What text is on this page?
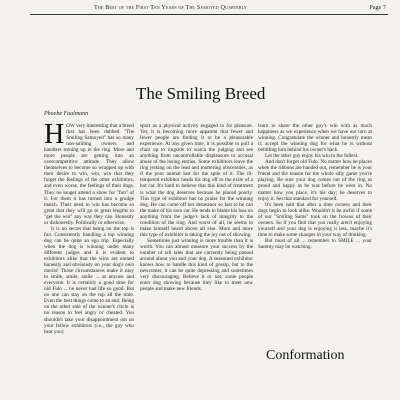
The Best of the First Ten Years of The Samoyed Quarterly	Page 7
The Smiling Breed
Phoebe Faulmann

HOW very interesting that a breed that has been dubbed "The Smiling Samoyed" has so many non-smiling owners and handlers turning up in the ring. More and more people are getting into an overcompetitive attitude. They allow themselves to become so wrapped up with their desire to win, win, win that they forget the feelings of the other exhibitors, and even worse, the feelings of their dogs. They no longer attend a show for "fun" of it. For them it has turned into a grudge match. Their need to win has become so great that they will go to great lengths to "get the win" any way they can. Honestly or dishonestly. Politically or otherwise.

It is no secret that being on the top is fun. Consistently handling a top winning dog can be quite an ego trip. Especially when the dog is winning under many different judges and it is evident to exhibitors alike that the wins are earned honestly and obviously on your dog's own merits! Those circumstances make it easy to smile, smile, smile ... at anyone and everyone. It is certainly a good time for old Fido ... he never had life so good. But no one can stay on the top all the time. Even the best things come to an end. Being on the other side of the winner's circle is no reason to feel angry or cheated. You shouldn't take your disappointment out on your fellow exhibitors (i.e., the guy who beat you)

sport as a physical activity engaged in for pleasure. Yet, it is becoming more apparent that fewer and fewer people are finding it to be a pleasurable experience. At any given time, it is possible to pull a chair up to ringside to watch the judging and see anything from uncontrollable displeasure to accusal abuse of the losing entries. Some exhibitors leave the ring jerking on the lead and muttering obscenities, as if the poor animal lost for the spite of it. The ill-tempered exhibitor heads his dog off to the exile of a hot car. It's hard to believe that this kind of treatment is what the dog deserves because he placed poorly. This type of exhibitor has no praise for the winning dog. He can come off her demeanor so fast to be can the make of his own car. He tends to blame his loss on anything from the judge's lack of integrity to the condition of the ring. And worst of all, he seems to make himself heard above all else. More and more this type of exhibitor is taking the joy out of showing.

Sometimes just winning is more trouble than it is worth. You can almost measure your success by the number of tall tales that are currently being passed around about you and your dog. A seasoned exhibitor knows how to handle this kind of gossip, but to the newcomer, it can be quite depressing and sometimes very discouraging. Believe it or not, some people enter dog showing because they like to meet new people and make new friends.

learn to share the other guy's win with as much happiness as we experience when we have our turn at winning. Congratulate the winner and honestly mean it; accept the winning dog for what he is without belittling him behind his owner's back.

Let the other guy enjoy his win to the fullest.

And don't forget old Fido. No matter how he places when the ribbons are handed out, remember he is your friend and the reason for the whole silly game you're playing. Be sure your dog comes out of the ring as proud and happy as he was before he went in. No matter how you place, it's his day; he deserves to enjoy it. Set that standard for yourself.

It's been said that after a time owners and their dogs begin to look alike. Wouldn't it be awful if some of our "Smiling Sams" took on the frowns of their owners. So if you find that you really aren't enjoying yourself and your dog is enjoying it less, maybe it's time to make some changes in your way of thinking.

But most of all ... remember to SMILE ... your Sammy may be watching.

Conformation
